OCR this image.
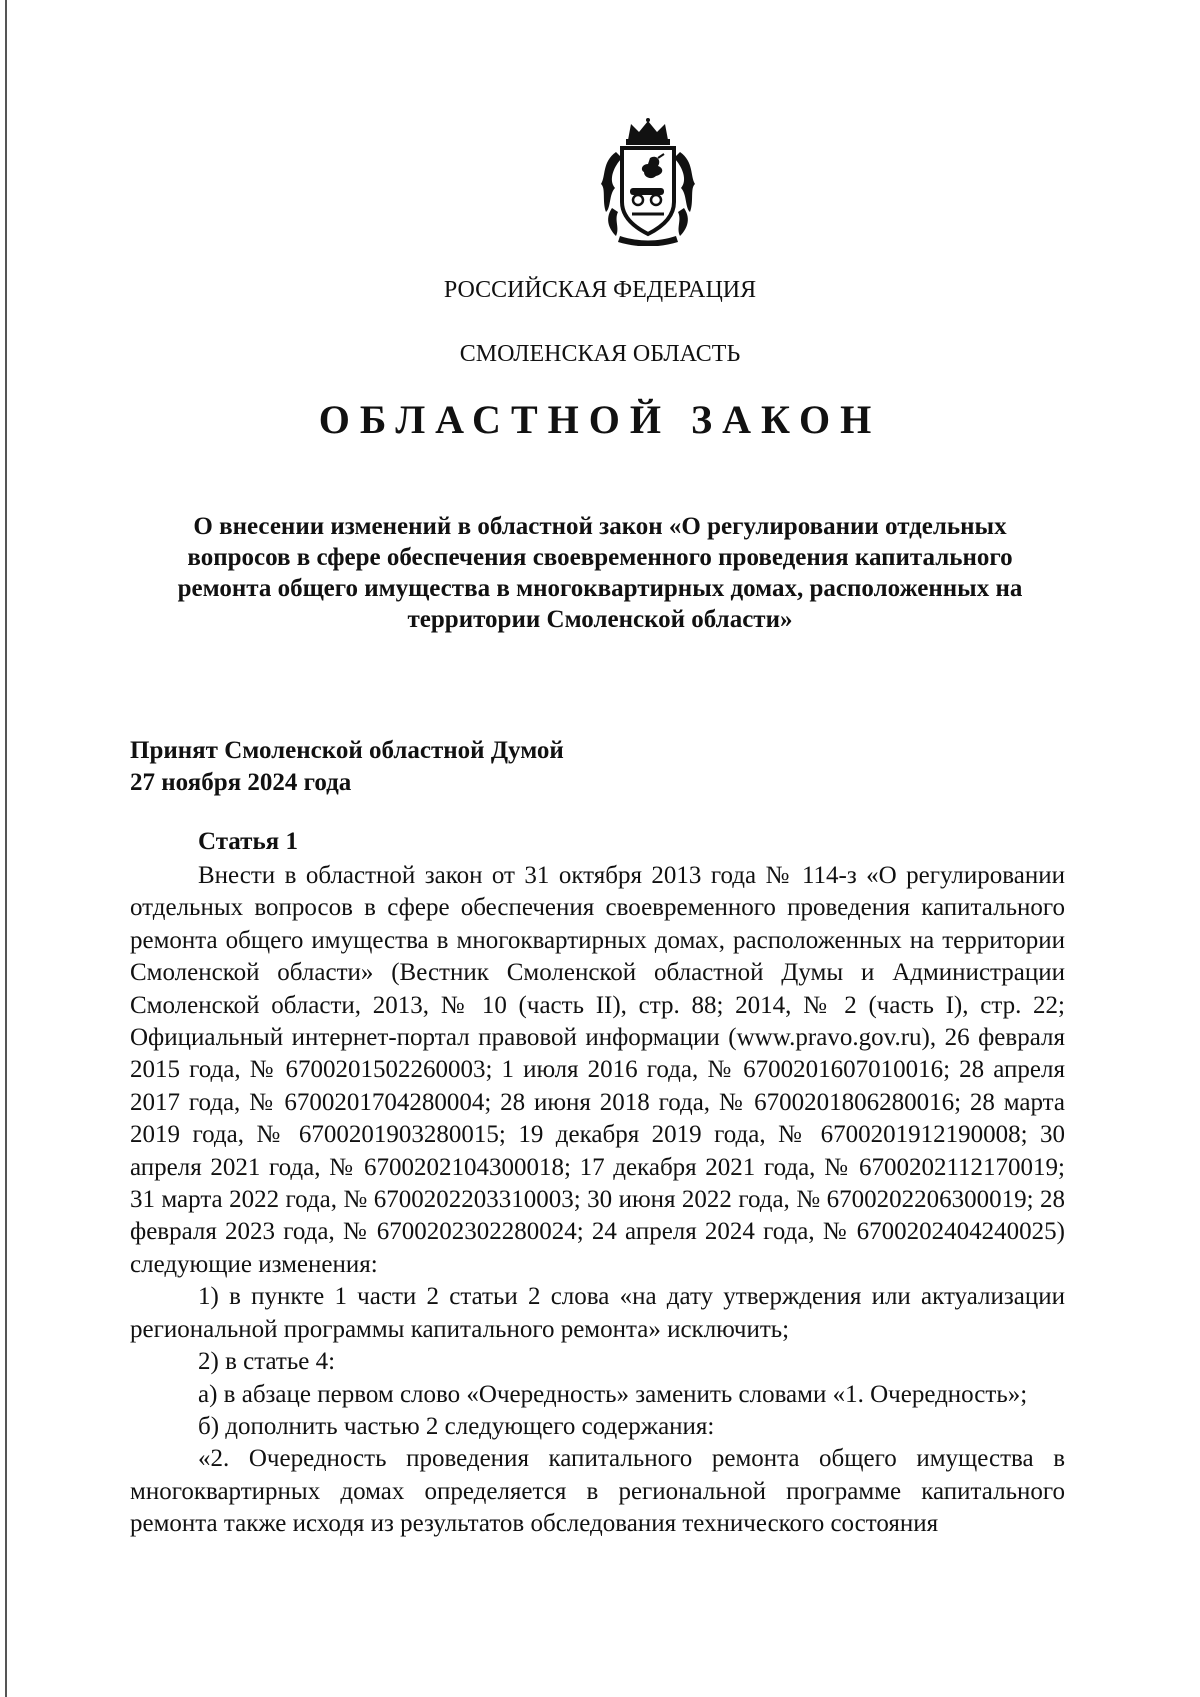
РОССИЙСКАЯ ФЕДЕРАЦИЯ

СМОЛЕНСКАЯ ОБЛАСТЬ

ОБЛАСТНОЙ ЗАКОН
О внесении изменений в областной закон «О регулировании отдельных вопросов в сфере обеспечения своевременного проведения капитального ремонта общего имущества в многоквартирных домах, расположенных на территории Смоленской области»
Принят Смоленской областной Думой
27 ноября 2024 года
Статья 1

Внести в областной закон от 31 октября 2013 года № 114-з «О регулировании отдельных вопросов в сфере обеспечения своевременного проведения капитального ремонта общего имущества в многоквартирных домах, расположенных на территории Смоленской области» (Вестник Смоленской областной Думы и Администрации Смоленской области, 2013, № 10 (часть II), стр. 88; 2014, № 2 (часть I), стр. 22; Официальный интернет-портал правовой информации (www.pravo.gov.ru), 26 февраля 2015 года, № 6700201502260003; 1 июля 2016 года, № 6700201607010016; 28 апреля 2017 года, № 6700201704280004; 28 июня 2018 года, № 6700201806280016; 28 марта 2019 года, № 6700201903280015; 19 декабря 2019 года, № 6700201912190008; 30 апреля 2021 года, № 6700202104300018; 17 декабря 2021 года, № 6700202112170019; 31 марта 2022 года, № 6700202203310003; 30 июня 2022 года, № 6700202206300019; 28 февраля 2023 года, № 6700202302280024; 24 апреля 2024 года, № 6700202404240025) следующие изменения:

1) в пункте 1 части 2 статьи 2 слова «на дату утверждения или актуализации региональной программы капитального ремонта» исключить;

2) в статье 4:

а) в абзаце первом слово «Очередность» заменить словами «1. Очередность»;

б) дополнить частью 2 следующего содержания:

«2. Очередность проведения капитального ремонта общего имущества в многоквартирных домах определяется в региональной программе капитального ремонта также исходя из результатов обследования технического состояния
